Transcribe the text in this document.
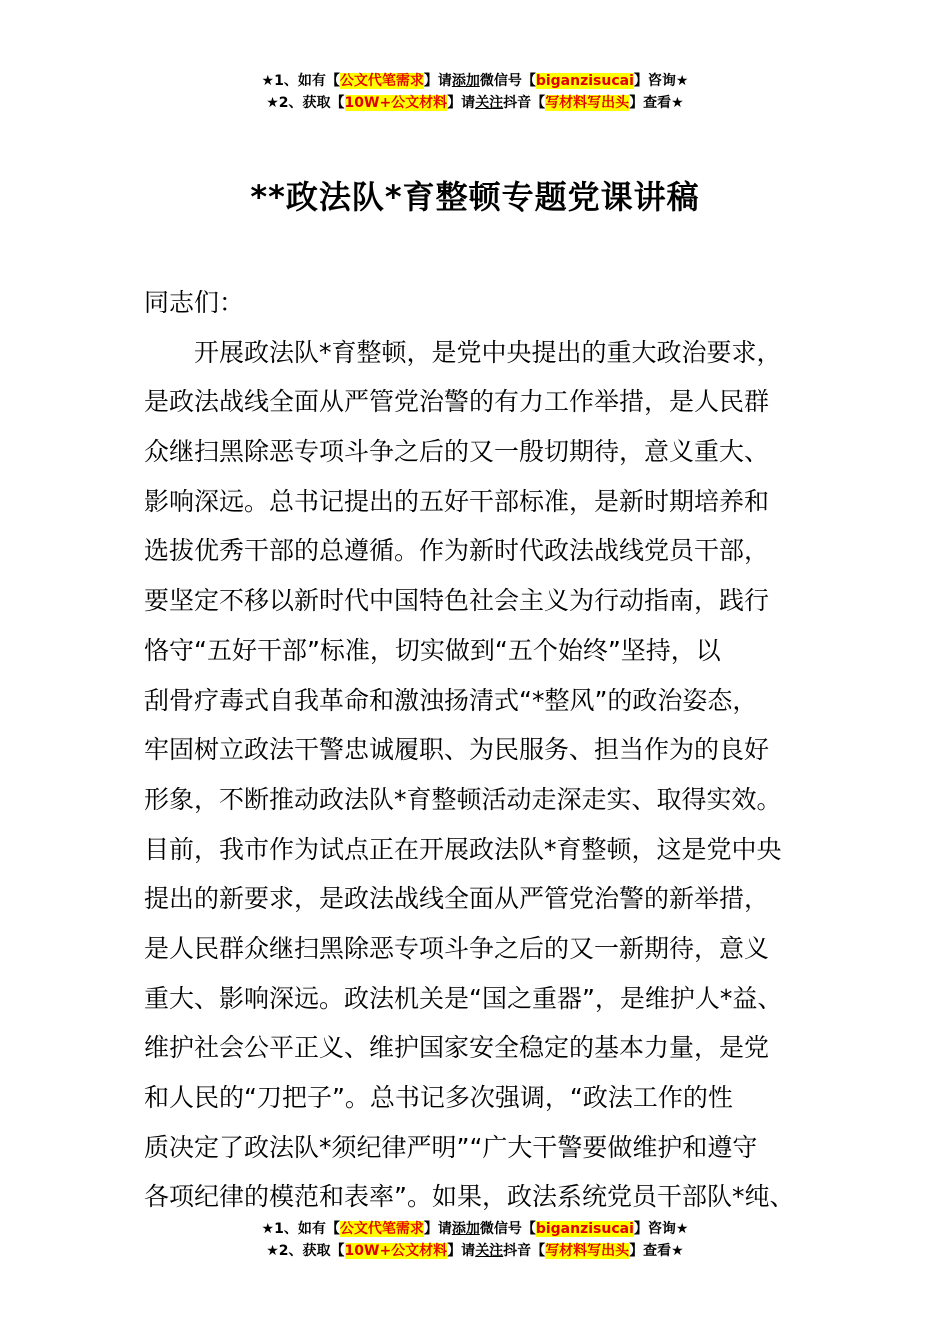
★1、如有【公文代笔需求】请添加微信号【biganzisucai】咨询★
★2、获取【10W+公文材料】请关注抖音【写材料写出头】查看★
**政法队*育整顿专题党课讲稿
同志们：
开展政法队*育整顿，是党中央提出的重大政治要求，
是政法战线全面从严管党治警的有力工作举措，是人民群
众继扫黑除恶专项斗争之后的又一殷切期待，意义重大、
影响深远。总书记提出的五好干部标准，是新时期培养和
选拔优秀干部的总遵循。作为新时代政法战线党员干部，
要坚定不移以新时代中国特色社会主义为行动指南，践行
恪守“五好干部”标准，切实做到“五个始终”坚持，以
刮骨疗毒式自我革命和激浊扬清式“*整风”的政治姿态，
牢固树立政法干警忠诚履职、为民服务、担当作为的良好
形象，不断推动政法队*育整顿活动走深走实、取得实效。
目前，我市作为试点正在开展政法队*育整顿，这是党中央
提出的新要求，是政法战线全面从严管党治警的新举措，
是人民群众继扫黑除恶专项斗争之后的又一新期待，意义
重大、影响深远。政法机关是“国之重器”，是维护人*益、
维护社会公平正义、维护国家安全稳定的基本力量，是党
和人民的“刀把子”。总书记多次强调，“政法工作的性
质决定了政法队*须纪律严明”“广大干警要做维护和遵守
各项纪律的模范和表率”。如果，政法系统党员干部队*纯、
★1、如有【公文代笔需求】请添加微信号【biganzisucai】咨询★
★2、获取【10W+公文材料】请关注抖音【写材料写出头】查看★
